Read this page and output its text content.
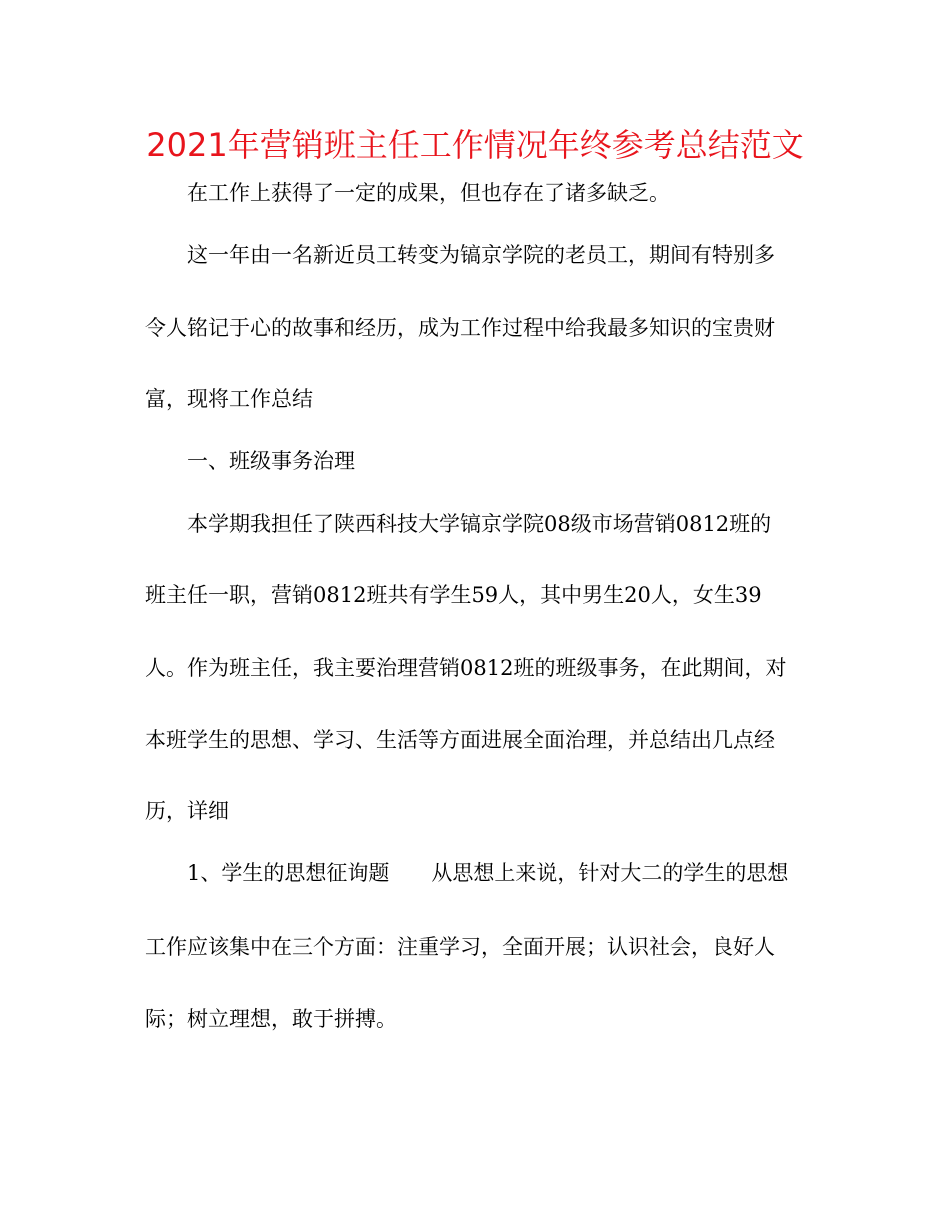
2021年营销班主任工作情况年终参考总结范文
在工作上获得了一定的成果，但也存在了诸多缺乏。
这一年由一名新近员工转变为镐京学院的老员工，期间有特别多
令人铭记于心的故事和经历，成为工作过程中给我最多知识的宝贵财
富，现将工作总结
一、班级事务治理
本学期我担任了陕西科技大学镐京学院08级市场营销0812班的
班主任一职，营销0812班共有学生59人，其中男生20人，女生39
人。作为班主任，我主要治理营销0812班的班级事务，在此期间，对
本班学生的思想、学习、生活等方面进展全面治理，并总结出几点经
历，详细
1、学生的思想征询题　　从思想上来说，针对大二的学生的思想
工作应该集中在三个方面：注重学习，全面开展；认识社会，良好人
际；树立理想，敢于拼搏。
